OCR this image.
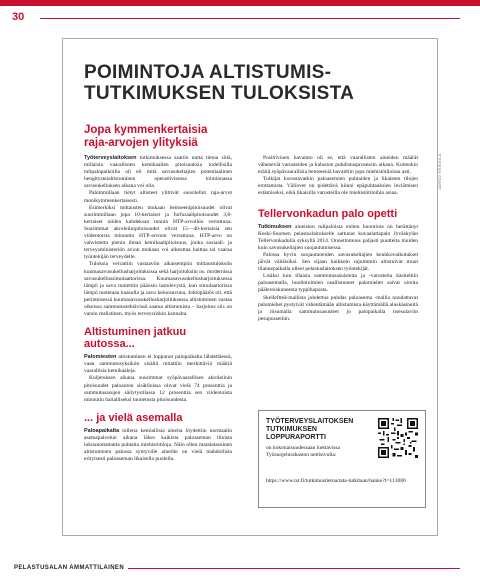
30
POIMINTOJA ALTISTUMIS-TUTKIMUKSEN TULOKSISTA
Jopa kymmenkertaisia raja-arvojen ylityksiä

Työterveyslaitoksen tutkimuksessa saatiin uutta tietoa siitä, millaisia vaarallisten kemikaalien pitoisuuksia todellisilla tulipalopaikoilla oli eli mitä savusukeltajien potentiaalinen hengitysteialtistuminen operatiivisessa toiminnassa savusukelluksen aikana voi olla.

Pahimmillaan tietyt altisteet ylittivät suositellut raja-arvot monikymmenkertaisesti.

Esimerkiksi mittausten mukaan bentseenipitoisuudet olivat suurimmillaan jopa 10-kertaiset ja furfuraalipitoisuudet 3,8-kertaiset niiden kahdeksan tunnin HTP-arvoihin verrattuna. Suurimmat akroleiinipitoisuudet olivat 15—40-kertaisia sen viidentoista minuutin HTP-arvoon verrattuna. HTP-arvo on vahvistettu pienin ilman kemikaalipitoisuus, jonka sosiaali- ja terveysministeriön avion mukaan voi aiheuttaa haittaa tai vaaraa työntekijän terveydelle.

Tuloksia verrattiin vastaaviin aikaisempiin mittaustuloksiin kuumasavusukellusharjoituksissa sekä harjoituksiin ns. modernissa savusukellussimulaattorissa. Kuumasavusukellusharjoituksessa lämpö ja savu tuotettiin pääosin lastulevystä, kun simulaattorissa lämpö tuotetaan kaasulla ja savu keinosavuna. Johtopäätös oli, että perinteisessä kuumasavusukellusharjoituksessa altistuminen vastaa oikeissa sammutustehtävissä saatua altistumista – harjoitus siis on varsin realistinen, myös terveysriskin kannalta.

Altistuminen jatkuu autossa...

Palomiesten altistuminen ei loppunut palopaikalta lähdettäessä, vaan sammutusyksikön sisältä mitattiin merkittäviä määriä vaarallisia kemikaaleja.

Kuljetuksen aikana suurimmat syöpävaarallisen akroleiinin pitoisuudet paloauton sisätiloissa olivat vielä 74 prosenttia ja sammutusasujen säilytystilassa 12 prosenttia sen viidentoista minuutin haitalliseksi tunnetusta pitoisuudesta.

... ja vielä asemalla

Paloapaikalta tulleita kemiallisia aineita löydettiin normaalin asemapalvelun aikana lähes kaikista paloaseman tiloista lukuunottamatta puhtaita miehistötiloja. Näin ollen matalatasoinen altistuminen palossa syntyville aineille on vielä mahdollista erityisesti paloaseman likaisella puolella.

Positiivinen havainto oli se, että vaarallisten aineiden määrät vähenevät varusteiden ja kaluston puhdistusprosessin aikana. Kuitenkin eräitä syöpävaarallisia bentseeniä havaittiin jopa miehistötiloissa asti.

Tulkijat korostavatkin paloasemien puhtaiden ja likaisten tilojen erottamista. Väliovet on pidettävä kiinni epäpuhtauksien leviämisen estämiseksi, eikä likaisilla varusteilla ole miehistötiloihin asiaa.

Tellervonkadun palo opetti

Tutkimuksen aineiston tulipaloista eniten huomiota on herättänyt Keski-Suomen pelastuslaitokselle sattunut kuvaalattapalo Jyväskylän Tellervonkadulla syksyllä 2014. Onnettomuus paljasti puutteita muiden kuin savusukeltajien suojautumisessa.

Palossa hyvin suojautuneiden savusukeltajien keuhkovaikutukset jäivät vähäisiksi. Sen sijaan kaikkein rajuimmin altistuivat muut tilannepaikalla olleet pelastuslaitoksen työntekijät.

Lisäksi kun tilaisia sammutusasuisteita ja -varusteita käsiteltiin paloasemalla, huoltotoimien osallistuneet palomiehet saivat oireita pääleroiskuneesta typpihaposta.

Skelleftteä-mallista johdettua puhdas paloasema -mallia noudattavat palomiehet pystyivät vähentämään altistumista käyttämällä aluskäsineitä ja riisumalla sammutusasusteet jo palopaikalla itsesulaviin pesupusseihin.

JARNO HEIKKILÄ
TYÖTERVEYSLAITOKSEN TUTKIMUKSEN LOPPURAPORTTI
on kokonaisuudessaan luettavissa Työsuojelurahaston nettisivulla:
https://www.tsr.fi/tutkimustietoa/tata-tutkitaan/hanke?t=113080
PELASTUSALAN AMMATTILAINEN
